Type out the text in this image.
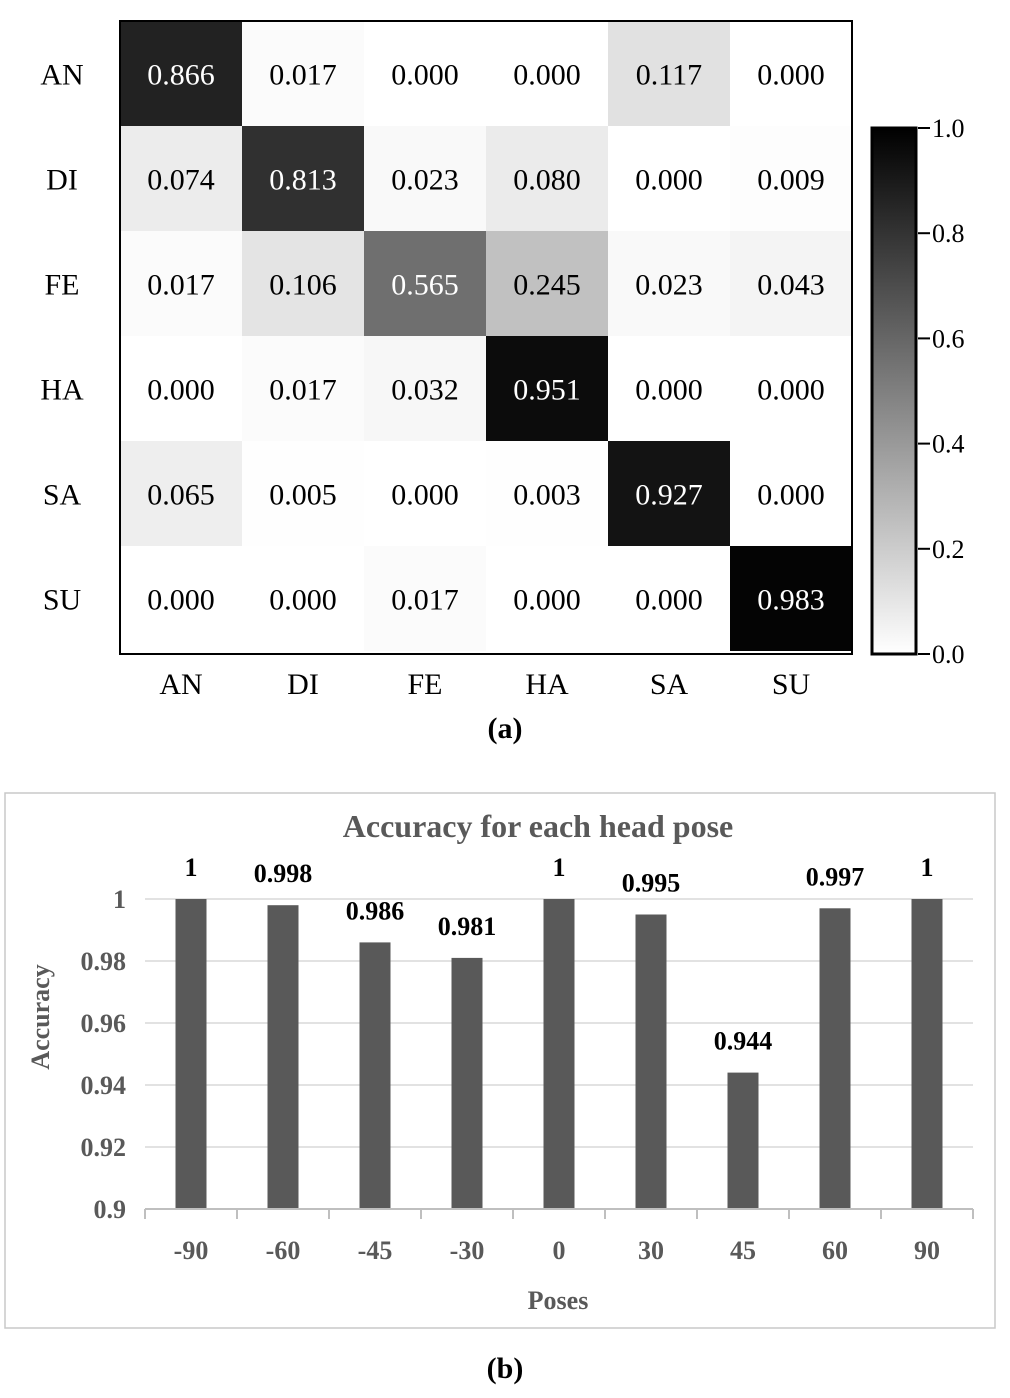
0.866 0.017 0.000 0.000 0.117 0.000
0.074 0.813 0.023 0.080 0.000 0.009
0.017 0.106 0.565 0.245 0.023 0.043
0.000 0.017 0.032 0.951 0.000 0.000
0.065 0.005 0.000 0.003 0.927 0.000
0.000 0.000 0.017 0.000 0.000 0.983
AN
DI
FE
HA
SA
SU
AN	DI	FE	HA	SA	SU
0.0
0.2
0.4
0.6
0.8
1.0
(a)
Accuracy for each head pose
0.9
0.92
0.94
0.96
0.98
1
1 0.998
0.986
0.981
1
0.995
0.944
0.997 1
-90 -60 -45 -30	0	30	45	60	90
Poses
Accuracy
(b)
